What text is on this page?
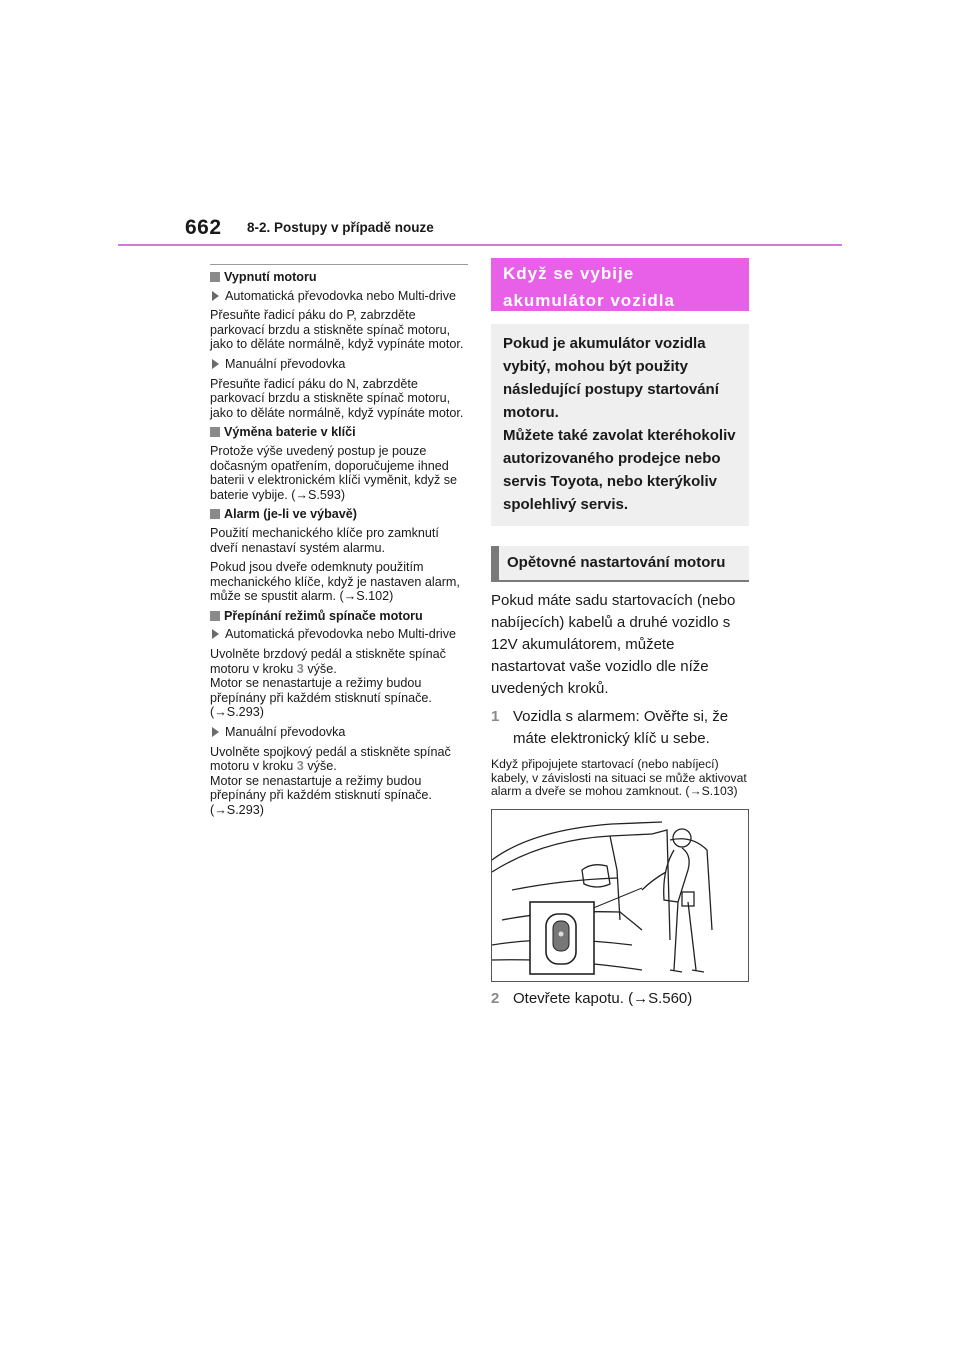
662 8-2. Postupy v případě nouze
Vypnutí motoru
Automatická převodovka nebo Multi-drive

Přesuňte řadicí páku do P, zabrzděte parkovací brzdu a stiskněte spínač motoru, jako to děláte normálně, když vypínáte motor.

Manuální převodovka

Přesuňte řadicí páku do N, zabrzděte parkovací brzdu a stiskněte spínač motoru, jako to děláte normálně, když vypínáte motor.

Výměna baterie v klíči

Protože výše uvedený postup je pouze dočasným opatřením, doporučujeme ihned baterii v elektronickém klíči vyměnit, když se baterie vybije. (→S.593)

Alarm (je-li ve výbavě)

Použití mechanického klíče pro zamknutí dveří nenastaví systém alarmu.

Pokud jsou dveře odemknuty použitím mechanického klíče, když je nastaven alarm, může se spustit alarm. (→S.102)

Přepínání režimů spínače motoru
Automatická převodovka nebo Multi-drive

Uvolněte brzdový pedál a stiskněte spínač motoru v kroku 3 výše.
Motor se nenastartuje a režimy budou přepínány při každém stisknutí spínače.
(→S.293)

Manuální převodovka

Uvolněte spojkový pedál a stiskněte spínač motoru v kroku 3 výše.
Motor se nenastartuje a režimy budou přepínány při každém stisknutí spínače.
(→S.293)

Když se vybije akumulátor vozidla
Pokud je akumulátor vozidla vybitý, mohou být použity následující postupy startování motoru.
Můžete také zavolat kteréhokoliv autorizovaného prodejce nebo servis Toyota, nebo kterýkoliv spolehlivý servis.
Opětovné nastartování motoru

Pokud máte sadu startovacích (nebo nabíjecích) kabelů a druhé vozidlo s 12V akumulátorem, můžete nastartovat vaše vozidlo dle níže uvedených kroků.

1 Vozidla s alarmem: Ověřte si, že máte elektronický klíč u sebe.
Když připojujete startovací (nebo nabíjecí) kabely, v závislosti na situaci se může aktivovat alarm a dveře se mohou zamknout. (→S.103)
2 Otevřete kapotu. (→S.560)
